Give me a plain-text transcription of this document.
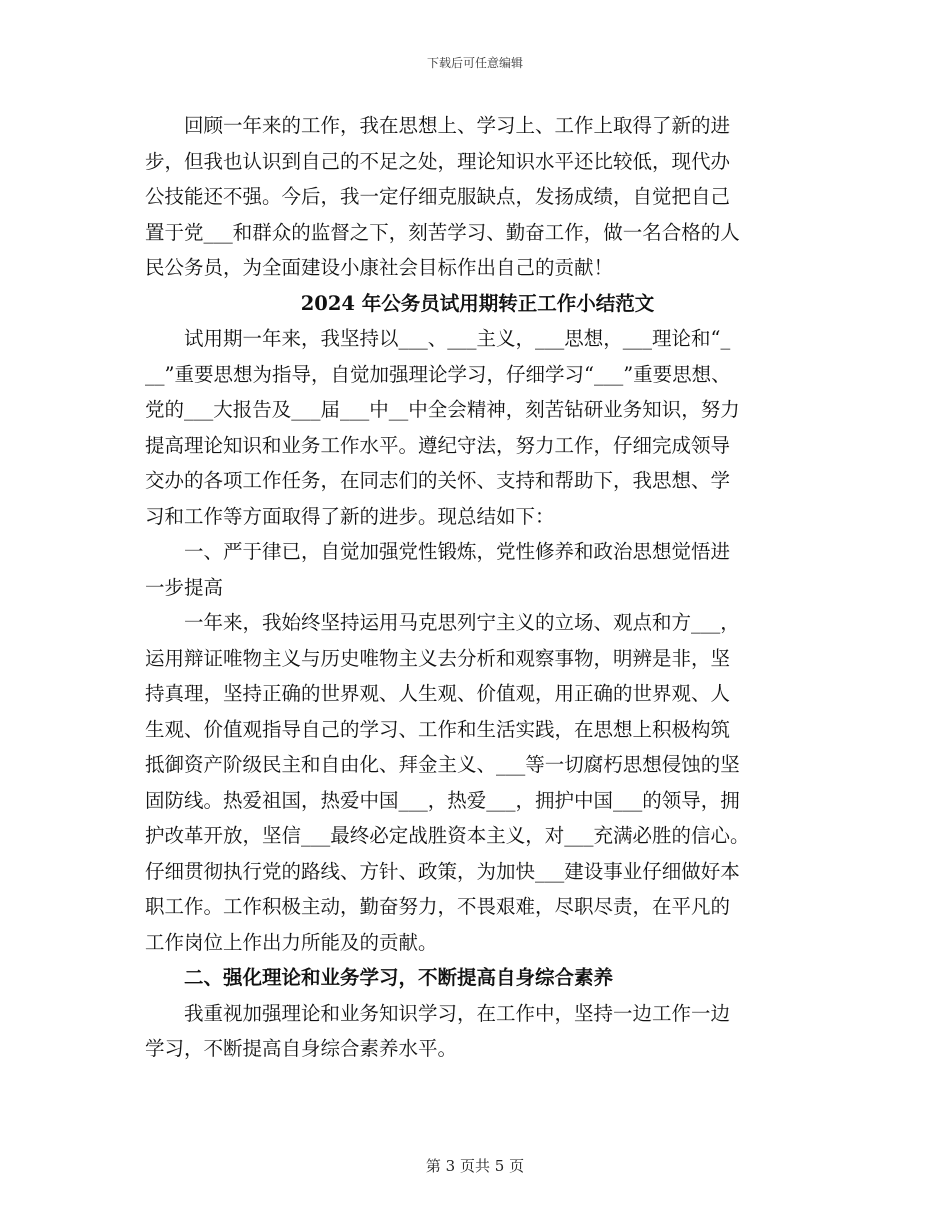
下载后可任意编辑
　　回顾一年来的工作，我在思想上、学习上、工作上取得了新的进
步，但我也认识到自己的不足之处，理论知识水平还比较低，现代办
公技能还不强。今后，我一定仔细克服缺点，发扬成绩，自觉把自己
置于党___和群众的监督之下，刻苦学习、勤奋工作，做一名合格的人
民公务员，为全面建设小康社会目标作出自己的贡献！
2024 年公务员试用期转正工作小结范文
　　试用期一年来，我坚持以___、___主义，___思想，___理论和“_
__”重要思想为指导，自觉加强理论学习，仔细学习“___”重要思想、
党的___大报告及___届___中__中全会精神，刻苦钻研业务知识，努力
提高理论知识和业务工作水平。遵纪守法，努力工作，仔细完成领导
交办的各项工作任务，在同志们的关怀、支持和帮助下，我思想、学
习和工作等方面取得了新的进步。现总结如下：
　　一、严于律已，自觉加强党性锻炼，党性修养和政治思想觉悟进
一步提高
　　一年来，我始终坚持运用马克思列宁主义的立场、观点和方___，
运用辩证唯物主义与历史唯物主义去分析和观察事物，明辨是非，坚
持真理，坚持正确的世界观、人生观、价值观，用正确的世界观、人
生观、价值观指导自己的学习、工作和生活实践，在思想上积极构筑
抵御资产阶级民主和自由化、拜金主义、___等一切腐朽思想侵蚀的坚
固防线。热爱祖国，热爱中国___，热爱___，拥护中国___的领导，拥
护改革开放，坚信___最终必定战胜资本主义，对___充满必胜的信心。
仔细贯彻执行党的路线、方针、政策，为加快___建设事业仔细做好本
职工作。工作积极主动，勤奋努力，不畏艰难，尽职尽责，在平凡的
工作岗位上作出力所能及的贡献。
　　二、强化理论和业务学习，不断提高自身综合素养
　　我重视加强理论和业务知识学习，在工作中，坚持一边工作一边
学习，不断提高自身综合素养水平。
第 3 页共 5 页
